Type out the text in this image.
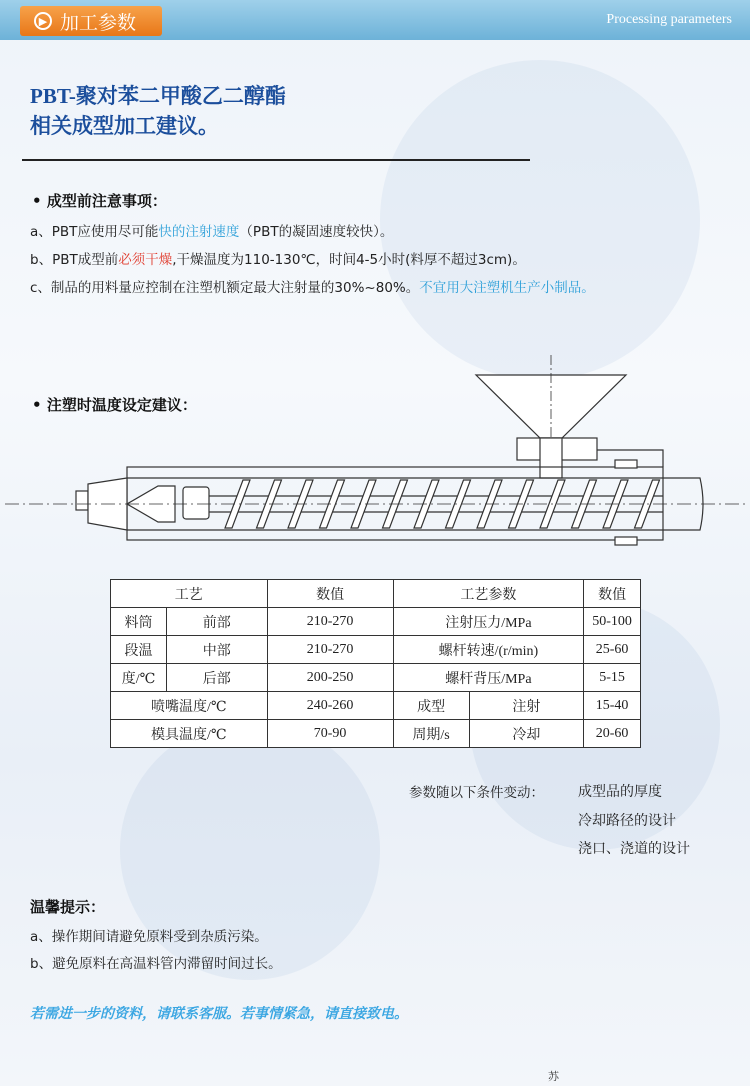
▶ 加工参数	Processing parameters
PBT-聚对苯二甲酸乙二醇酯
相关成型加工建议。
• 成型前注意事项：
a、PBT应使用尽可能快的注射速度（PBT的凝固速度较快）。
b、PBT成型前必须干燥,干燥温度为110-130℃，时间4-5小时(料厚不超过3cm)。
c、制品的用料量应控制在注塑机额定最大注射量的30%~80%。不宜用大注塑机生产小制品。
• 注塑时温度设定建议：
工艺		数值	工艺参数		数值
料筒	前部	210-270	注射压力/MPa		50-100
段温	中部	210-270	螺杆转速/(r/min)		25-60
度/℃	后部	200-250	螺杆背压/MPa		5-15
喷嘴温度/℃		240-260	成型	注射	15-40
模具温度/℃		70-90	周期/s	冷却	20-60
参数随以下条件变动： 成型品的厚度
冷却路径的设计
浇口、浇道的设计
温馨提示：
a、操作期间请避免原料受到杂质污染。
b、避免原料在高温料管内滞留时间过长。
若需进一步的资料，请联系客服。若事情紧急，请直接致电。
苏
